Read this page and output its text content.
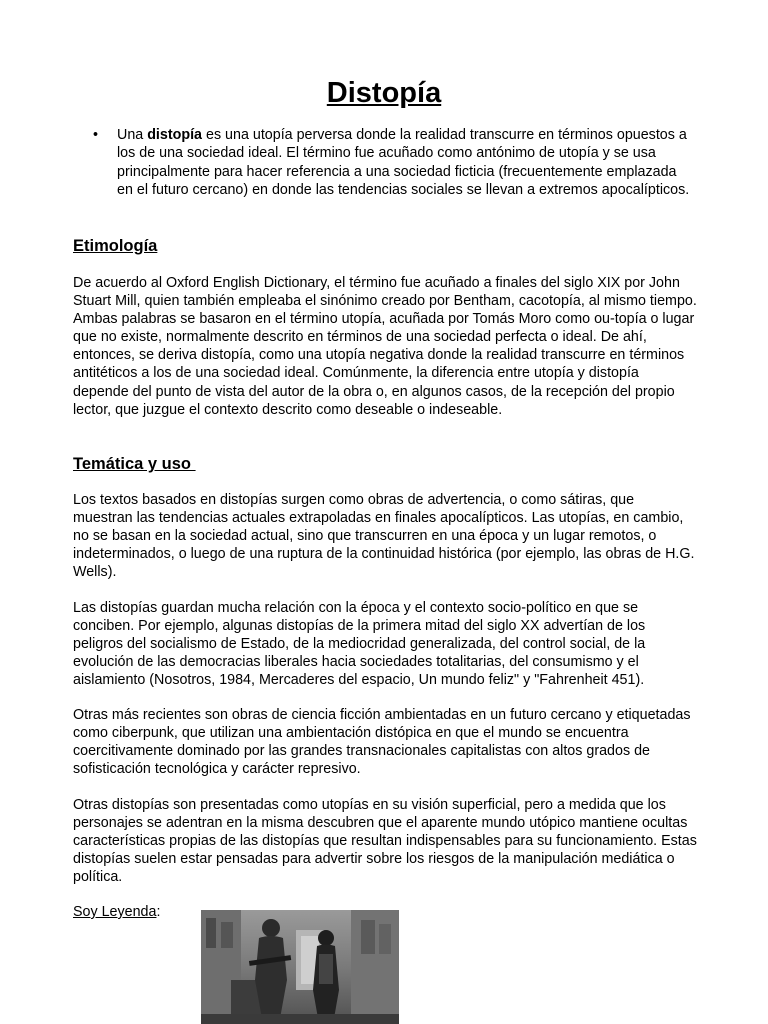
Distopía
• Una distopía es una utopía perversa donde la realidad transcurre en términos opuestos a los de una sociedad ideal. El término fue acuñado como antónimo de utopía y se usa principalmente para hacer referencia a una sociedad ficticia (frecuentemente emplazada en el futuro cercano) en donde las tendencias sociales se llevan a extremos apocalípticos.
Etimología

De acuerdo al Oxford English Dictionary, el término fue acuñado a finales del siglo XIX por John Stuart Mill, quien también empleaba el sinónimo creado por Bentham, cacotopía, al mismo tiempo. Ambas palabras se basaron en el término utopía, acuñada por Tomás Moro como ou-topía o lugar que no existe, normalmente descrito en términos de una sociedad perfecta o ideal. De ahí, entonces, se deriva distopía, como una utopía negativa donde la realidad transcurre en términos antitéticos a los de una sociedad ideal. Comúnmente, la diferencia entre utopía y distopía depende del punto de vista del autor de la obra o, en algunos casos, de la recepción del propio lector, que juzgue el contexto descrito como deseable o indeseable.

Temática y uso

Los textos basados en distopías surgen como obras de advertencia, o como sátiras, que muestran las tendencias actuales extrapoladas en finales apocalípticos. Las utopías, en cambio, no se basan en la sociedad actual, sino que transcurren en una época y un lugar remotos, o indeterminados, o luego de una ruptura de la continuidad histórica (por ejemplo, las obras de H.G. Wells).

Las distopías guardan mucha relación con la época y el contexto socio-político en que se conciben. Por ejemplo, algunas distopías de la primera mitad del siglo XX advertían de los peligros del socialismo de Estado, de la mediocridad generalizada, del control social, de la evolución de las democracias liberales hacia sociedades totalitarias, del consumismo y el aislamiento (Nosotros, 1984, Mercaderes del espacio, Un mundo feliz" y "Fahrenheit 451).

Otras más recientes son obras de ciencia ficción ambientadas en un futuro cercano y etiquetadas como ciberpunk, que utilizan una ambientación distópica en que el mundo se encuentra coercitivamente dominado por las grandes transnacionales capitalistas con altos grados de sofisticación tecnológica y carácter represivo.

Otras distopías son presentadas como utopías en su visión superficial, pero a medida que los personajes se adentran en la misma descubren que el aparente mundo utópico mantiene ocultas características propias de las distopías que resultan indispensables para su funcionamiento. Estas distopías suelen estar pensadas para advertir sobre los riesgos de la manipulación mediática o política.

Soy Leyenda:
